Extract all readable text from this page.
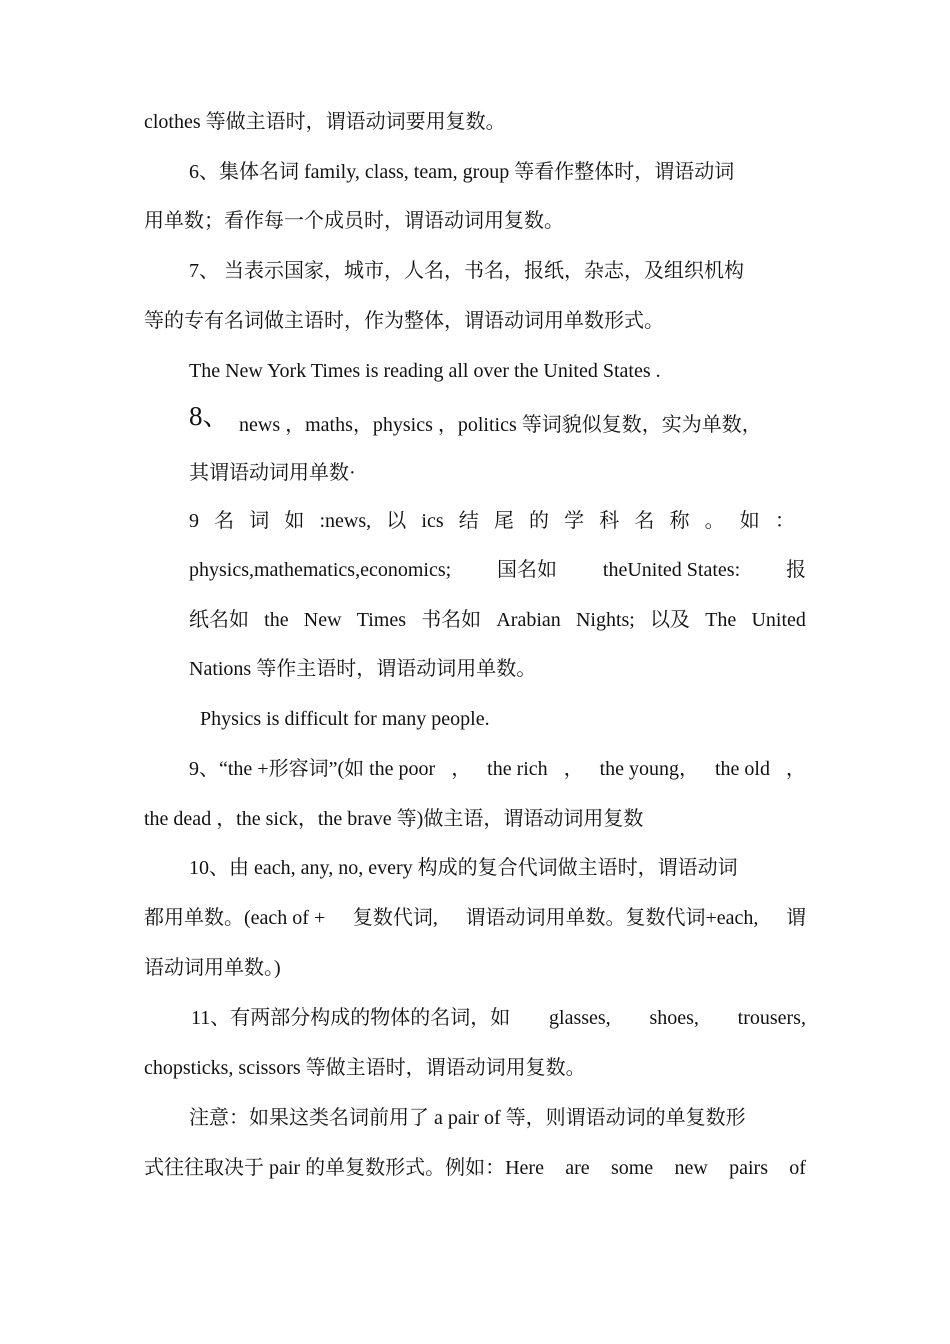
clothes 等做主语时，谓语动词要用复数。
6、集体名词 family, class, team, group 等看作整体时，谓语动词
用单数；看作每一个成员时，谓语动词用复数。
7、 当表示国家，城市，人名，书名，报纸，杂志，及组织机构
等的专有名词做主语时，作为整体，谓语动词用单数形式。
The New York Times is reading all over the United States .
8、 news ，maths，physics ，politics 等词貌似复数，实为单数，
其谓语动词用单数·
9 名 词 如 :news, 以 ics 结 尾 的 学 科 名 称 。 如 ：
physics,mathematics,economics; 国名如 theUnited States: 报
纸名如 the New Times 书名如 Arabian Nights; 以及 The United
Nations 等作主语时，谓语动词用单数。
Physics is difficult for many people.
9、“the +形容词”(如 the poor ， the rich ， the young， the old ，
the dead ，the sick，the brave 等)做主语，谓语动词用复数
10、由 each, any, no, every 构成的复合代词做主语时，谓语动词
都用单数。(each of + 复数代词, 谓语动词用单数。复数代词+each, 谓
语动词用单数。)
11、有两部分构成的物体的名词，如 glasses, shoes, trousers,
chopsticks, scissors 等做主语时，谓语动词用复数。
注意：如果这类名词前用了 a pair of 等，则谓语动词的单复数形
式往往取决于 pair 的单复数形式。例如：Here are some new pairs of
